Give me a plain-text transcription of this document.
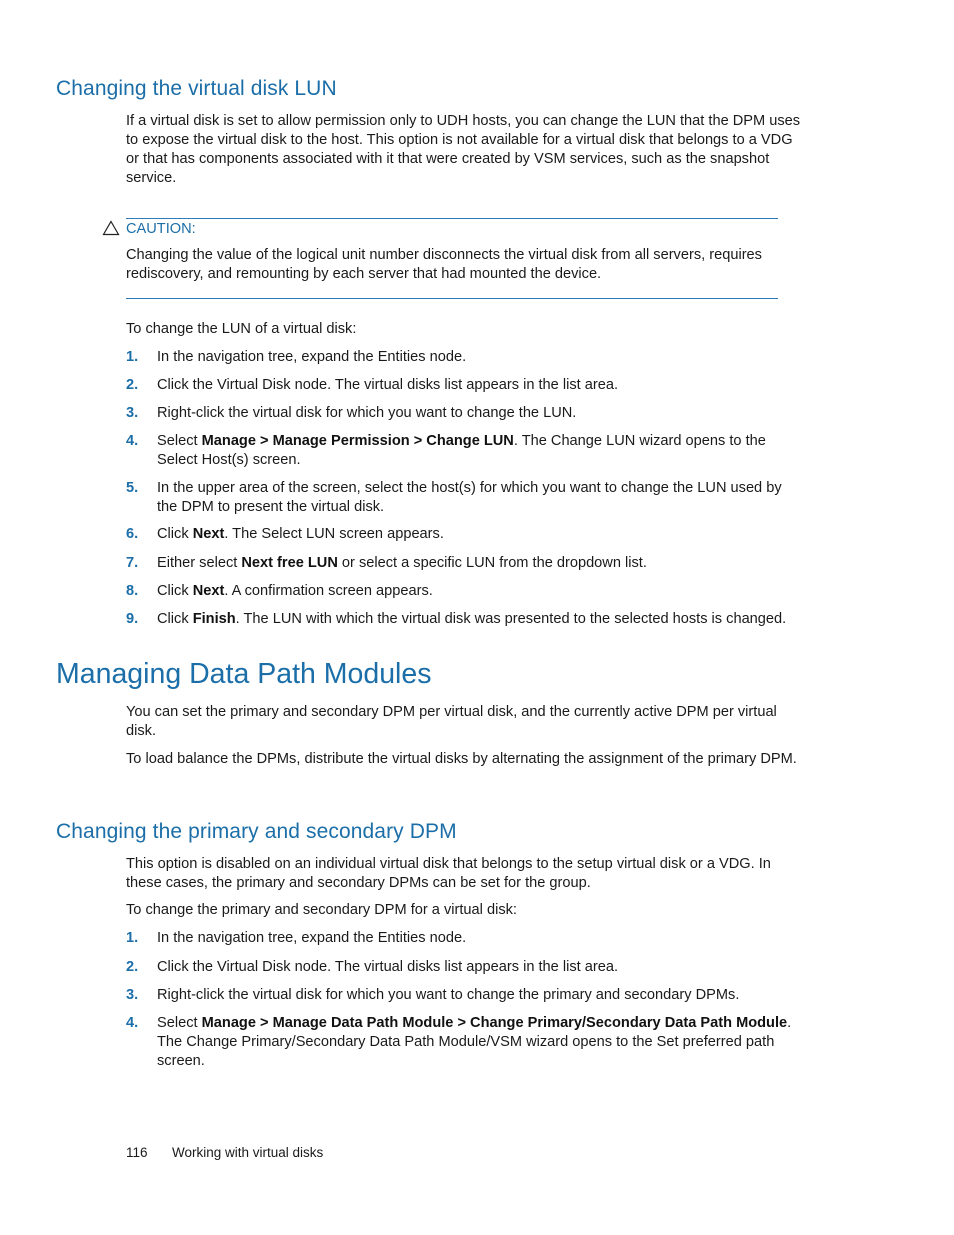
Changing the virtual disk LUN

If a virtual disk is set to allow permission only to UDH hosts, you can change the LUN that the DPM uses to expose the virtual disk to the host. This option is not available for a virtual disk that belongs to a VDG or that has components associated with it that were created by VSM services, such as the snapshot service.

CAUTION:

Changing the value of the logical unit number disconnects the virtual disk from all servers, requires rediscovery, and remounting by each server that had mounted the device.

To change the LUN of a virtual disk:

1.	In the navigation tree, expand the Entities node.
2.	Click the Virtual Disk node. The virtual disks list appears in the list area.
3.	Right-click the virtual disk for which you want to change the LUN.
4.	Select Manage > Manage Permission > Change LUN. The Change LUN wizard opens to the Select Host(s) screen.
5.	In the upper area of the screen, select the host(s) for which you want to change the LUN used by the DPM to present the virtual disk.
6.	Click Next. The Select LUN screen appears.
7.	Either select Next free LUN or select a specific LUN from the dropdown list.
8.	Click Next. A confirmation screen appears.
9.	Click Finish. The LUN with which the virtual disk was presented to the selected hosts is changed.
Managing Data Path Modules

You can set the primary and secondary DPM per virtual disk, and the currently active DPM per virtual disk.

To load balance the DPMs, distribute the virtual disks by alternating the assignment of the primary DPM.

Changing the primary and secondary DPM

This option is disabled on an individual virtual disk that belongs to the setup virtual disk or a VDG. In these cases, the primary and secondary DPMs can be set for the group.

To change the primary and secondary DPM for a virtual disk:

1.	In the navigation tree, expand the Entities node.
2.	Click the Virtual Disk node. The virtual disks list appears in the list area.
3.	Right-click the virtual disk for which you want to change the primary and secondary DPMs.
4.	Select Manage > Manage Data Path Module > Change Primary/Secondary Data Path Module. The Change Primary/Secondary Data Path Module/VSM wizard opens to the Set preferred path screen.
116 Working with virtual disks
